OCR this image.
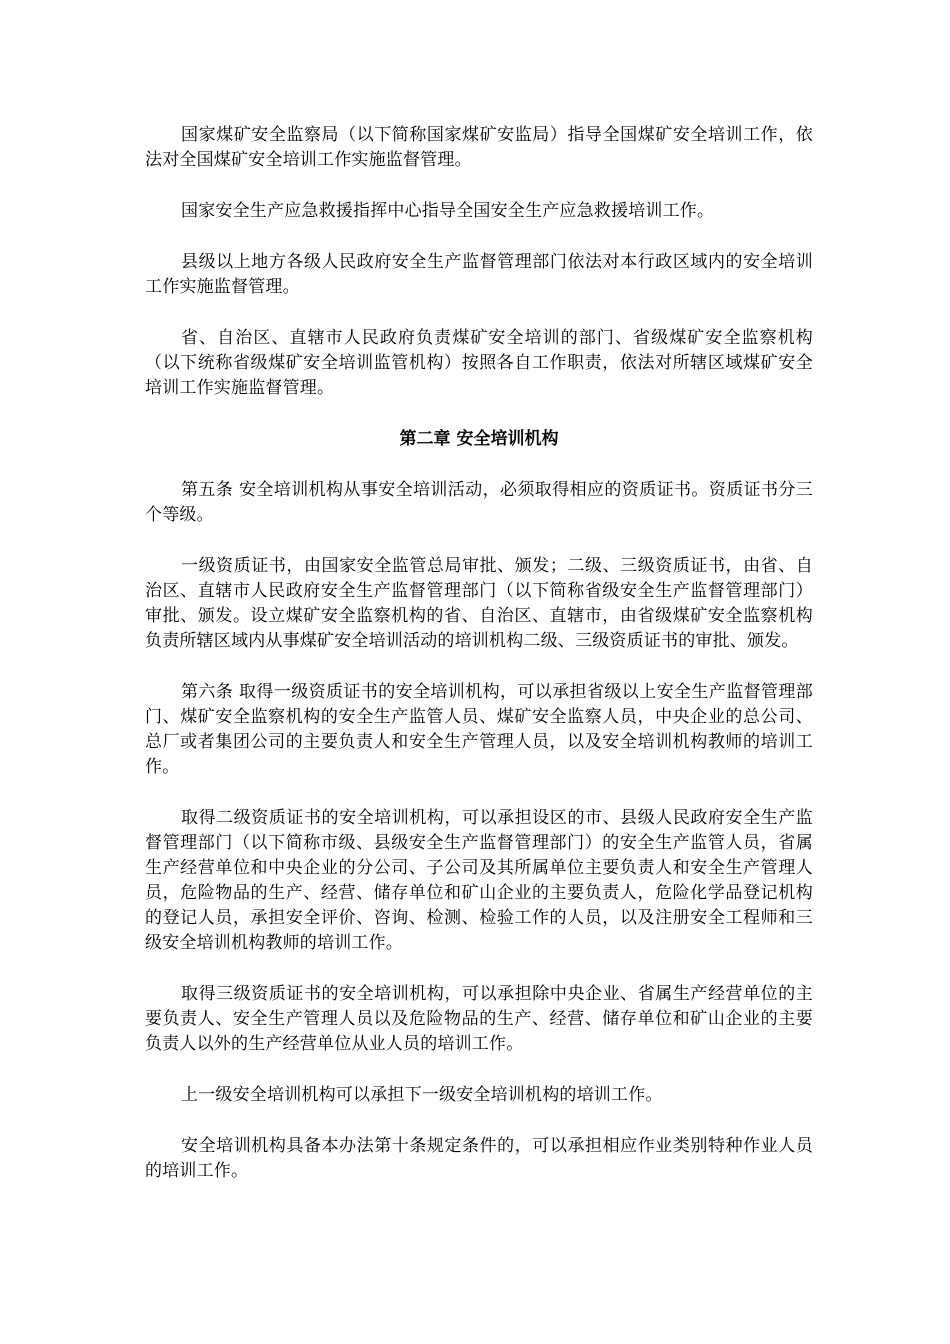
国家煤矿安全监察局（以下简称国家煤矿安监局）指导全国煤矿安全培训工作，依法对全国煤矿安全培训工作实施监督管理。

国家安全生产应急救援指挥中心指导全国安全生产应急救援培训工作。

县级以上地方各级人民政府安全生产监督管理部门依法对本行政区域内的安全培训工作实施监督管理。

省、自治区、直辖市人民政府负责煤矿安全培训的部门、省级煤矿安全监察机构（以下统称省级煤矿安全培训监管机构）按照各自工作职责，依法对所辖区域煤矿安全培训工作实施监督管理。

第二章 安全培训机构

第五条 安全培训机构从事安全培训活动，必须取得相应的资质证书。资质证书分三个等级。

一级资质证书，由国家安全监管总局审批、颁发；二级、三级资质证书，由省、自治区、直辖市人民政府安全生产监督管理部门（以下简称省级安全生产监督管理部门）审批、颁发。设立煤矿安全监察机构的省、自治区、直辖市，由省级煤矿安全监察机构负责所辖区域内从事煤矿安全培训活动的培训机构二级、三级资质证书的审批、颁发。

第六条 取得一级资质证书的安全培训机构，可以承担省级以上安全生产监督管理部门、煤矿安全监察机构的安全生产监管人员、煤矿安全监察人员，中央企业的总公司、总厂或者集团公司的主要负责人和安全生产管理人员，以及安全培训机构教师的培训工作。

取得二级资质证书的安全培训机构，可以承担设区的市、县级人民政府安全生产监督管理部门（以下简称市级、县级安全生产监督管理部门）的安全生产监管人员，省属生产经营单位和中央企业的分公司、子公司及其所属单位主要负责人和安全生产管理人员，危险物品的生产、经营、储存单位和矿山企业的主要负责人，危险化学品登记机构的登记人员，承担安全评价、咨询、检测、检验工作的人员，以及注册安全工程师和三级安全培训机构教师的培训工作。

取得三级资质证书的安全培训机构，可以承担除中央企业、省属生产经营单位的主要负责人、安全生产管理人员以及危险物品的生产、经营、储存单位和矿山企业的主要负责人以外的生产经营单位从业人员的培训工作。

上一级安全培训机构可以承担下一级安全培训机构的培训工作。

安全培训机构具备本办法第十条规定条件的，可以承担相应作业类别特种作业人员的培训工作。
